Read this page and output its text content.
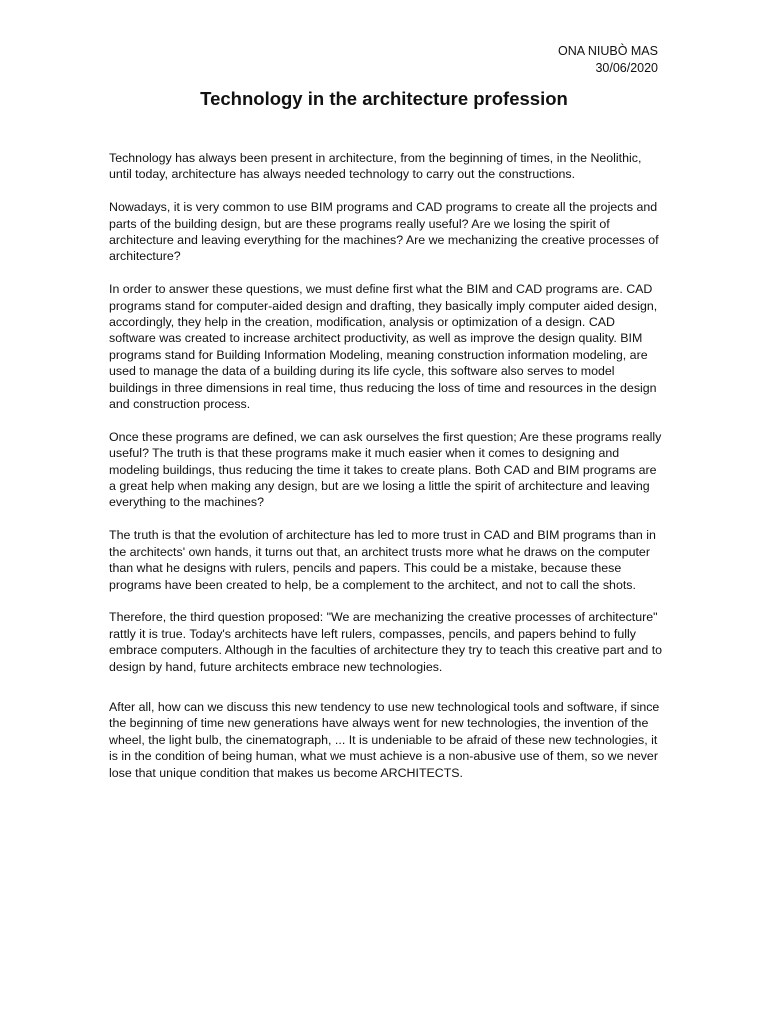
ONA NIUBÒ MAS
30/06/2020
Technology in the architecture profession

Technology has always been present in architecture, from the beginning of times, in the Neolithic, until today, architecture has always needed technology to carry out the constructions.

Nowadays, it is very common to use BIM programs and CAD programs to create all the projects and parts of the building design, but are these programs really useful? Are we losing the spirit of architecture and leaving everything for the machines? Are we mechanizing the creative processes of architecture?

In order to answer these questions, we must define first what the BIM and CAD programs are. CAD programs stand for computer-aided design and drafting, they basically imply computer aided design, accordingly, they help in the creation, modification, analysis or optimization of a design. CAD software was created to increase architect productivity, as well as improve the design quality. BIM programs stand for Building Information Modeling, meaning construction information modeling, are used to manage the data of a building during its life cycle, this software also serves to model buildings in three dimensions in real time, thus reducing the loss of time and resources in the design and construction process.

Once these programs are defined, we can ask ourselves the first question; Are these programs really useful? The truth is that these programs make it much easier when it comes to designing and modeling buildings, thus reducing the time it takes to create plans. Both CAD and BIM programs are a great help when making any design, but are we losing a little the spirit of architecture and leaving everything to the machines?

The truth is that the evolution of architecture has led to more trust in CAD and BIM programs than in the architects' own hands, it turns out that, an architect trusts more what he draws on the computer than what he designs with rulers, pencils and papers. This could be a mistake, because these programs have been created to help, be a complement to the architect, and not to call the shots.

Therefore, the third question proposed: "We are mechanizing the creative processes of architecture" rattly it is true. Today's architects have left rulers, compasses, pencils, and papers behind to fully embrace computers. Although in the faculties of architecture they try to teach this creative part and to design by hand, future architects embrace new technologies.

After all, how can we discuss this new tendency to use new technological tools and software, if since the beginning of time new generations have always went for new technologies, the invention of the wheel, the light bulb, the cinematograph, ... It is undeniable to be afraid of these new technologies, it is in the condition of being human, what we must achieve is a non-abusive use of them, so we never lose that unique condition that makes us become ARCHITECTS.
